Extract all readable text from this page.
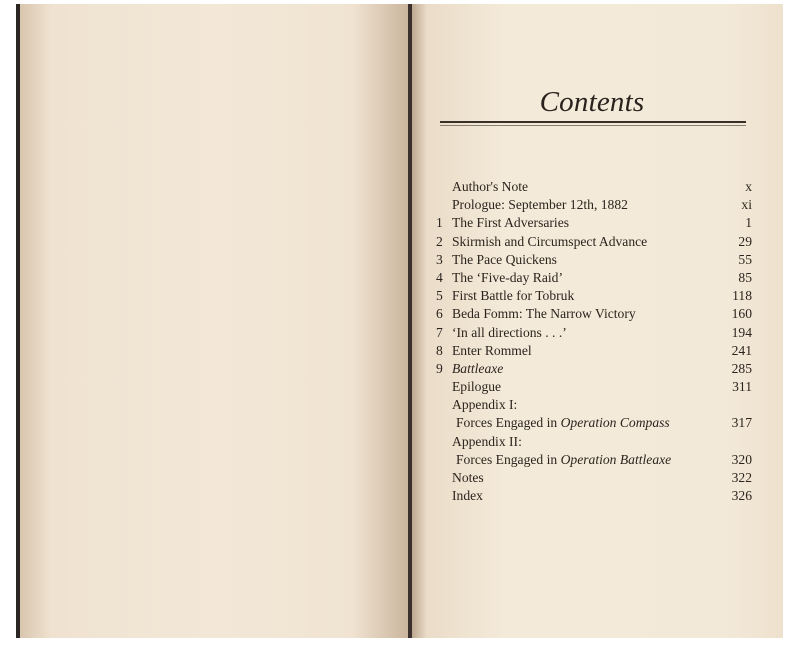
Contents
Author's Note	x
Prologue: September 12th, 1882	xi
1 The First Adversaries	1
2 Skirmish and Circumspect Advance	29
3 The Pace Quickens	55
4 The ‘Five-day Raid’	85
5 First Battle for Tobruk	118
6 Beda Fomm: The Narrow Victory	160
7 ‘In all directions . . .’	194
8 Enter Rommel	241
9 Battleaxe	285
Epilogue	311
Appendix I:
Forces Engaged in Operation Compass	317
Appendix II:
Forces Engaged in Operation Battleaxe	320
Notes	322
Index	326
